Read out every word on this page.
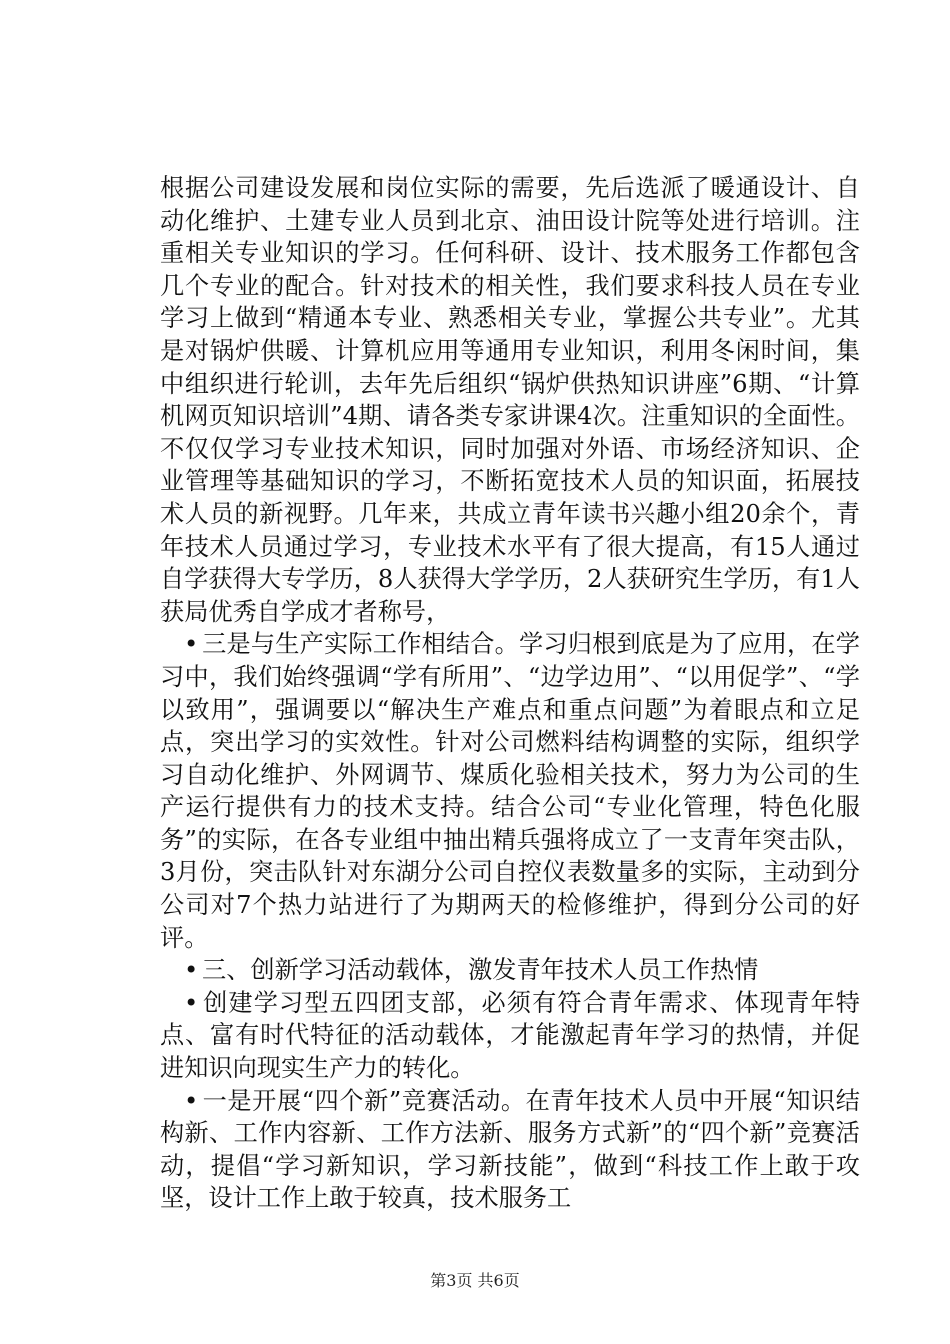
根据公司建设发展和岗位实际的需要，先后选派了暖通设计、自动化维护、土建专业人员到北京、油田设计院等处进行培训。注重相关专业知识的学习。任何科研、设计、技术服务工作都包含几个专业的配合。针对技术的相关性，我们要求科技人员在专业学习上做到“精通本专业、熟悉相关专业，掌握公共专业”。尤其是对锅炉供暖、计算机应用等通用专业知识，利用冬闲时间，集中组织进行轮训，去年先后组织“锅炉供热知识讲座”6期、“计算机网页知识培训”4期、请各类专家讲课4次。注重知识的全面性。不仅仅学习专业技术知识，同时加强对外语、市场经济知识、企业管理等基础知识的学习，不断拓宽技术人员的知识面，拓展技术人员的新视野。几年来，共成立青年读书兴趣小组20余个，青年技术人员通过学习，专业技术水平有了很大提高，有15人通过自学获得大专学历，8人获得大学学历，2人获研究生学历，有1人获局优秀自学成才者称号，

• 三是与生产实际工作相结合。学习归根到底是为了应用，在学习中，我们始终强调“学有所用”、“边学边用”、“以用促学”、“学以致用”，强调要以“解决生产难点和重点问题”为着眼点和立足点，突出学习的实效性。针对公司燃料结构调整的实际，组织学习自动化维护、外网调节、煤质化验相关技术，努力为公司的生产运行提供有力的技术支持。结合公司“专业化管理，特色化服务”的实际，在各专业组中抽出精兵强将成立了一支青年突击队，3月份，突击队针对东湖分公司自控仪表数量多的实际，主动到分公司对7个热力站进行了为期两天的检修维护，得到分公司的好评。

• 三、创新学习活动载体，激发青年技术人员工作热情

• 创建学习型五四团支部，必须有符合青年需求、体现青年特点、富有时代特征的活动载体，才能激起青年学习的热情，并促进知识向现实生产力的转化。

• 一是开展“四个新”竞赛活动。在青年技术人员中开展“知识结构新、工作内容新、工作方法新、服务方式新”的“四个新”竞赛活动，提倡“学习新知识，学习新技能”，做到“科技工作上敢于攻坚，设计工作上敢于较真，技术服务工

第3页 共6页
